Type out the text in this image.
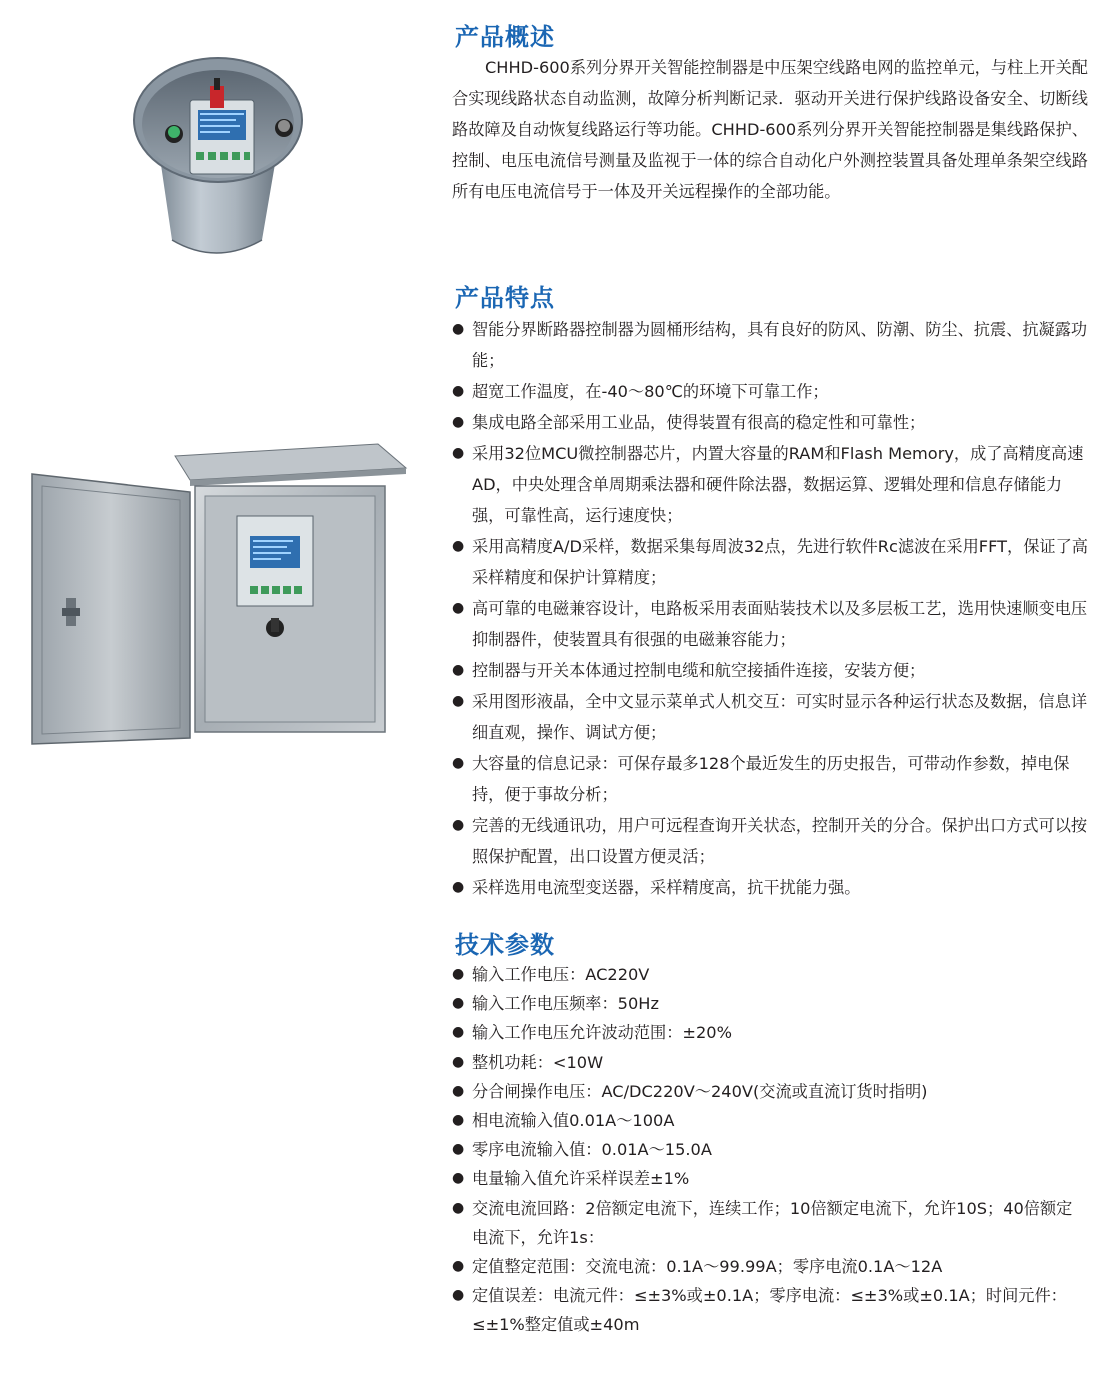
产品概述

CHHD-600系列分界开关智能控制器是中压架空线路电网的监控单元，与柱上开关配合实现线路状态自动监测，故障分析判断记录．驱动开关进行保护线路设备安全、切断线路故障及自动恢复线路运行等功能。CHHD-600系列分界开关智能控制器是集线路保护、控制、电压电流信号测量及监视于一体的综合自动化户外测控装置具备处理单条架空线路所有电压电流信号于一体及开关远程操作的全部功能。

产品特点
● 智能分界断路器控制器为圆桶形结构，具有良好的防风、防潮、防尘、抗震、抗凝露功能；
● 超宽工作温度，在-40～80℃的环境下可靠工作；
● 集成电路全部采用工业品，使得装置有很高的稳定性和可靠性；
● 采用32位MCU微控制器芯片，内置大容量的RAM和Flash Memory，成了高精度高速AD，中央处理含单周期乘法器和硬件除法器，数据运算、逻辑处理和信息存储能力强，可靠性高，运行速度快；
● 采用高精度A/D采样，数据采集每周波32点，先进行软件Rc滤波在采用FFT，保证了高采样精度和保护计算精度；
● 高可靠的电磁兼容设计，电路板采用表面贴装技术以及多层板工艺，选用快速顺变电压抑制器件，使装置具有很强的电磁兼容能力；
● 控制器与开关本体通过控制电缆和航空接插件连接，安装方便；
● 采用图形液晶，全中文显示菜单式人机交互：可实时显示各种运行状态及数据，信息详细直观，操作、调试方便；
● 大容量的信息记录：可保存最多128个最近发生的历史报告，可带动作参数，掉电保持，便于事故分析；
● 完善的无线通讯功，用户可远程查询开关状态，控制开关的分合。保护出口方式可以按照保护配置，出口设置方便灵活；
● 采样选用电流型变送器，采样精度高，抗干扰能力强。
技术参数
● 输入工作电压：AC220V
● 输入工作电压频率：50Hz
● 输入工作电压允许波动范围：±20%
● 整机功耗：<10W
● 分合闸操作电压：AC/DC220V～240V(交流或直流订货时指明)
● 相电流输入值0.01A～100A
● 零序电流输入值：0.01A～15.0A
● 电量输入值允许采样误差±1%
● 交流电流回路：2倍额定电流下，连续工作；10倍额定电流下，允许10S；40倍额定电流下，允许1s：
● 定值整定范围：交流电流：0.1A～99.99A；零序电流0.1A～12A
● 定值误差：电流元件：≤±3%或±0.1A；零序电流：≤±3%或±0.1A；时间元件：≤±1%整定值或±40m
